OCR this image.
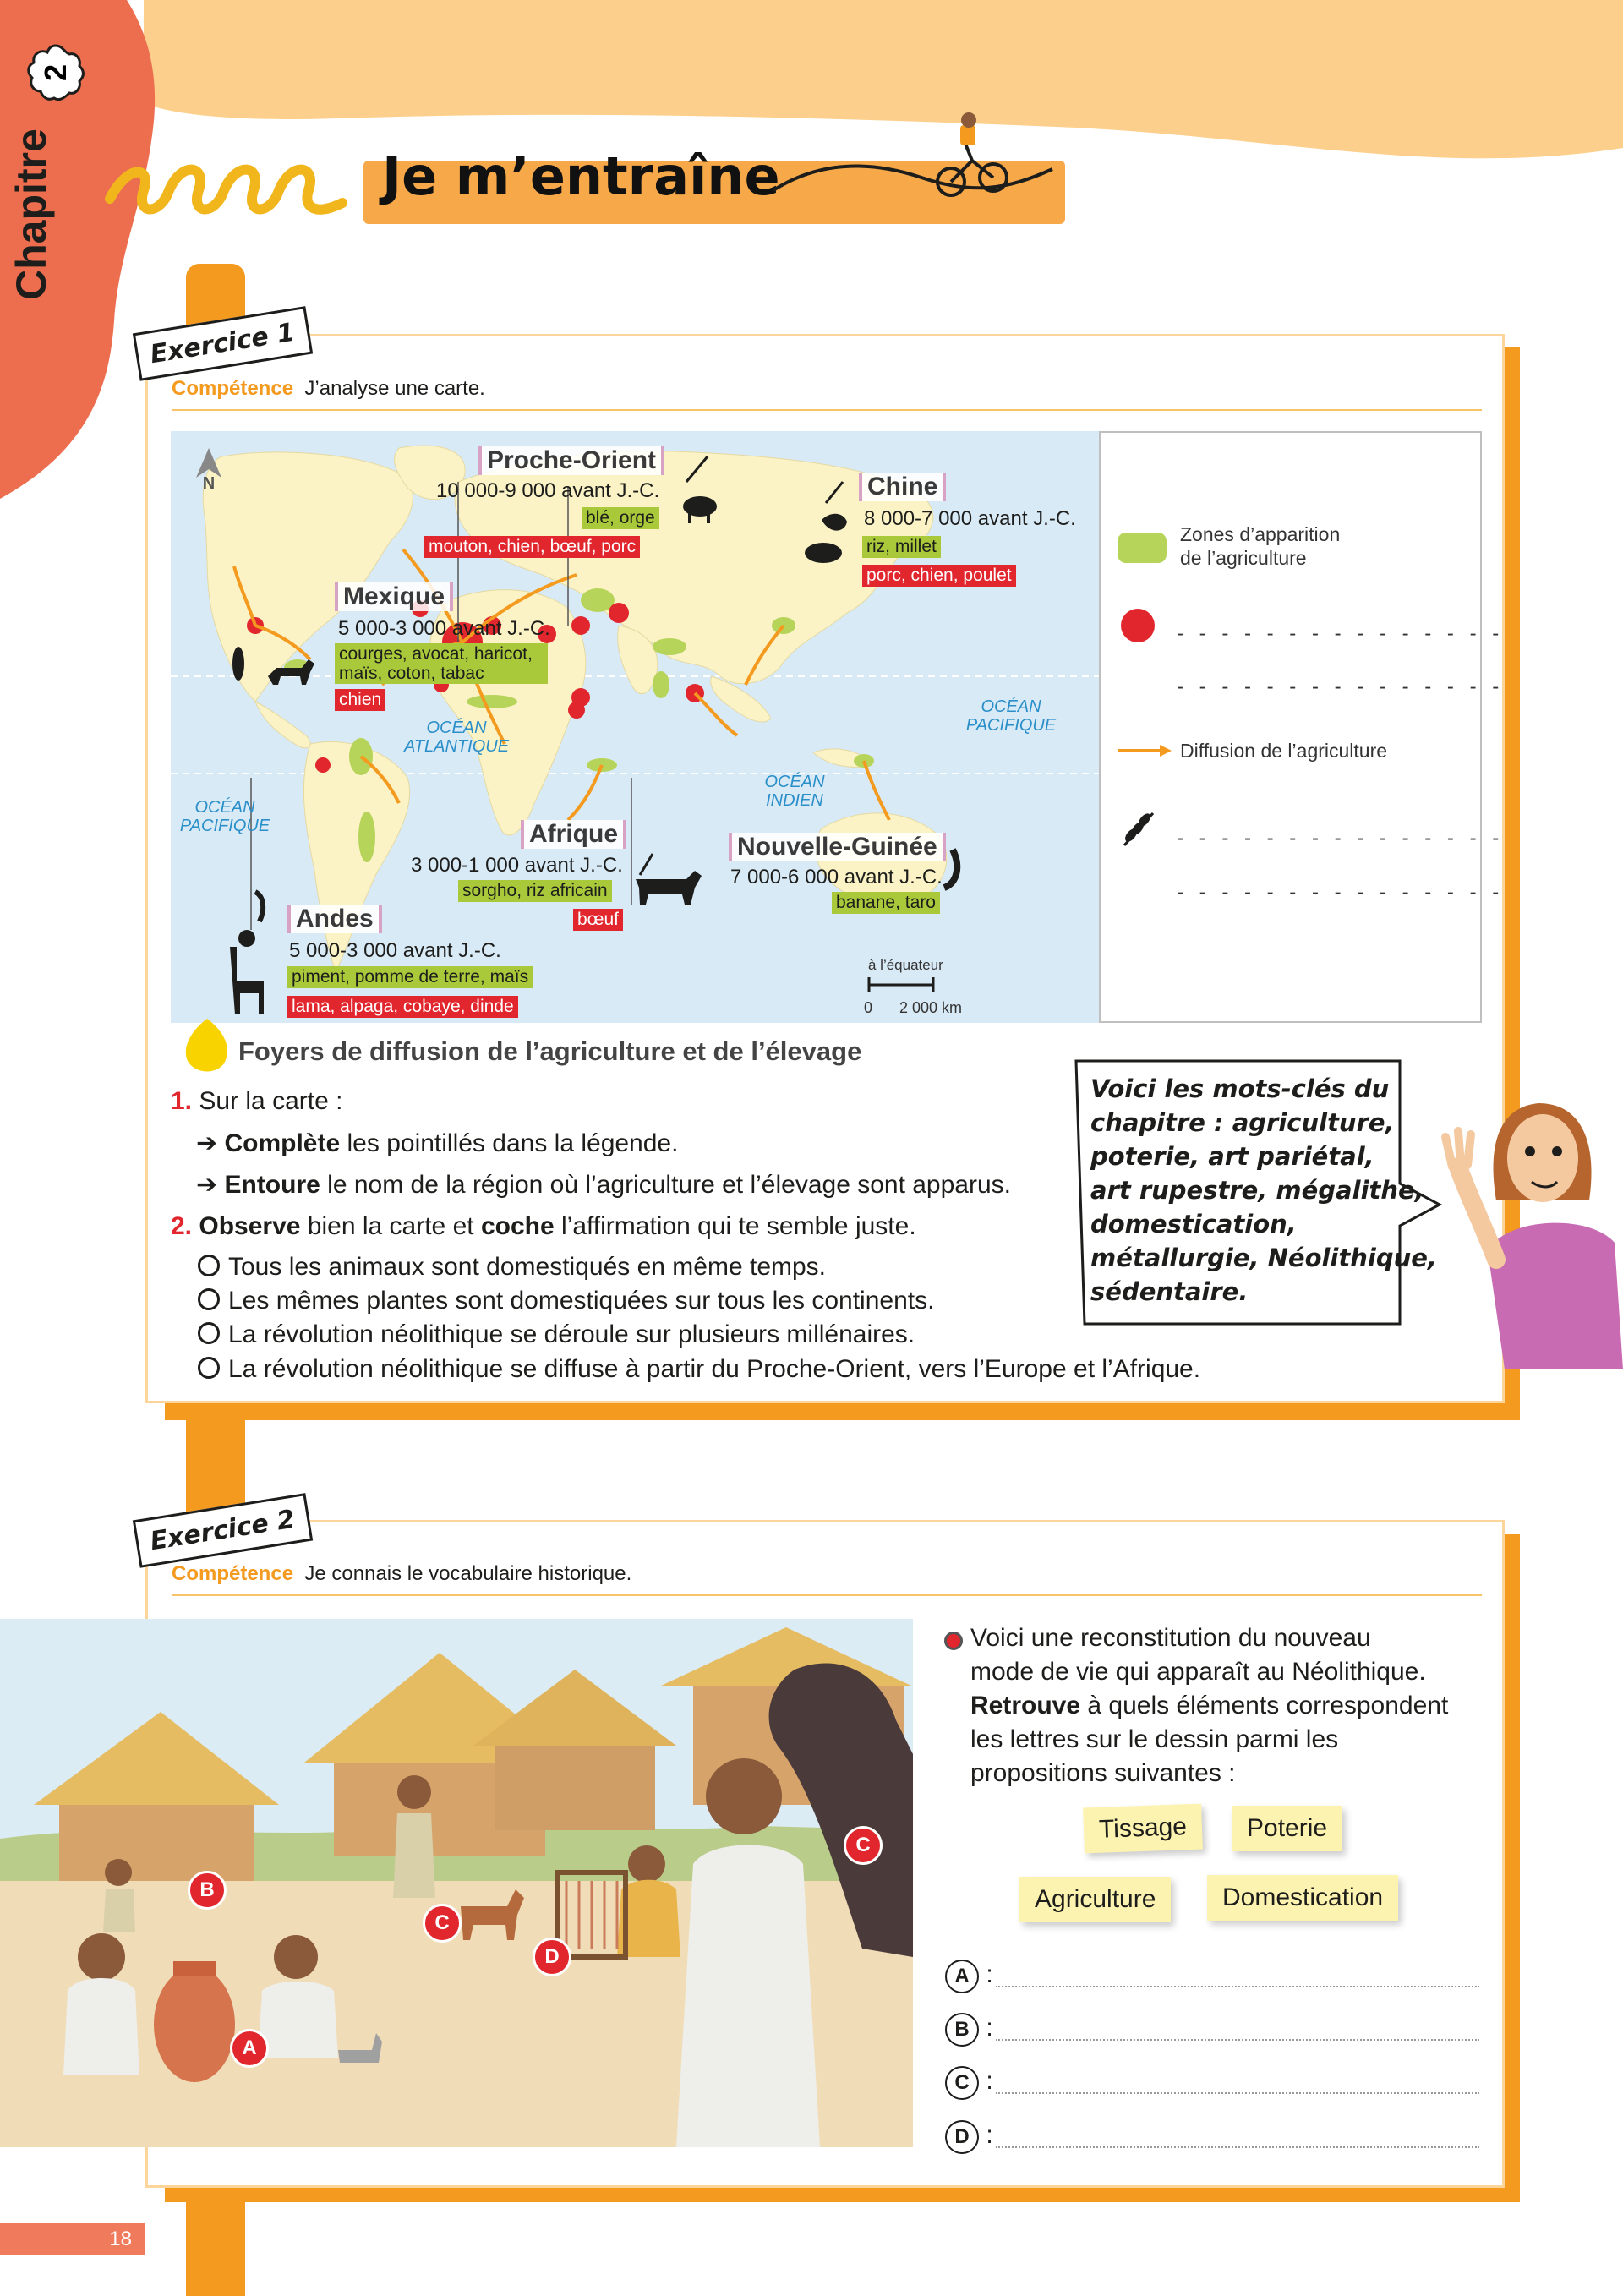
Chapitre
2
Je m’entraîne
Exercice 1
Compétence J’analyse une carte.
N
à l’équateur
0 2 000 km
Proche-Orient
10 000-9 000 avant J.-C.
blé, orge
mouton, chien, bœuf, porc
Chine
8 000-7 000 avant J.-C.
riz, millet
porc, chien, poulet
Mexique
5 000-3 000 avant J.-C.
courges, avocat, haricot, maïs, coton, tabac
chien
Afrique
3 000-1 000 avant J.-C.
sorgho, riz africain
bœuf
Nouvelle-Guinée
7 000-6 000 avant J.-C.
banane, taro
Andes
5 000-3 000 avant J.-C.
piment, pomme de terre, maïs
lama, alpaga, cobaye, dinde
OCÉAN ATLANTIQUE
OCÉAN PACIFIQUE
OCÉAN PACIFIQUE
OCÉAN INDIEN
Zones d’apparition de l’agriculture
- - - - - - - - - - - - - - -
- - - - - - - - - - - - - - -
Diffusion de l’agriculture
- - - - - - - - - - - - - - -
- - - - - - - - - - - - - - -
Foyers de diffusion de l’agriculture et de l’élevage
1. Sur la carte :
➔ Complète les pointillés dans la légende.
➔ Entoure le nom de la région où l’agriculture et l’élevage sont apparus.
2. Observe bien la carte et coche l’affirmation qui te semble juste.
Tous les animaux sont domestiqués en même temps.
Les mêmes plantes sont domestiquées sur tous les continents.
La révolution néolithique se déroule sur plusieurs millénaires.
La révolution néolithique se diffuse à partir du Proche-Orient, vers l’Europe et l’Afrique.
Voici les mots-clés du
chapitre : agriculture,
poterie, art pariétal,
art rupestre, mégalithe,
domestication,
métallurgie, Néolithique,
sédentaire.
Exercice 2
Compétence Je connais le vocabulaire historique.
A
B
C
C
D
Voici une reconstitution du nouveau
mode de vie qui apparaît au Néolithique.
Retrouve à quels éléments correspondent
les lettres sur le dessin parmi les
propositions suivantes :
Tissage	Poterie
Agriculture	Domestication
A :
B :
C :
D :
18
